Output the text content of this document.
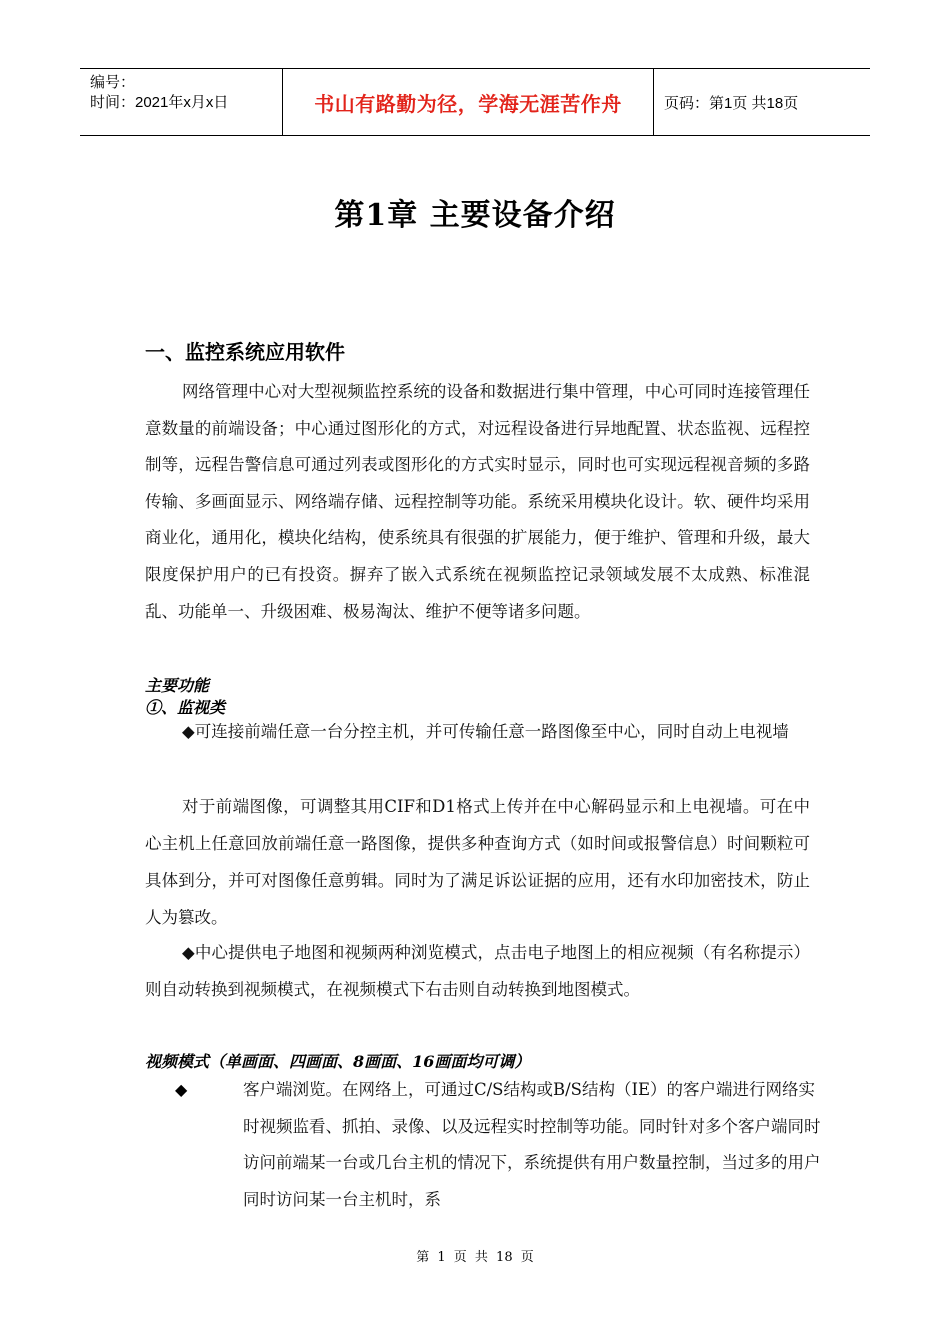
编号：
时间：2021年x月x日	书山有路勤为径，学海无涯苦作舟	页码：第1页 共18页
第1章 主要设备介绍
一、监控系统应用软件
网络管理中心对大型视频监控系统的设备和数据进行集中管理，中心可同时连接管理任意数量的前端设备；中心通过图形化的方式，对远程设备进行异地配置、状态监视、远程控制等，远程告警信息可通过列表或图形化的方式实时显示，同时也可实现远程视音频的多路传输、多画面显示、网络端存储、远程控制等功能。系统采用模块化设计。软、硬件均采用商业化，通用化，模块化结构，使系统具有很强的扩展能力，便于维护、管理和升级，最大限度保护用户的已有投资。摒弃了嵌入式系统在视频监控记录领域发展不太成熟、标准混乱、功能单一、升级困难、极易淘汰、维护不便等诸多问题。
主要功能
①、监视类
◆可连接前端任意一台分控主机，并可传输任意一路图像至中心，同时自动上电视墙
对于前端图像，可调整其用CIF和D1格式上传并在中心解码显示和上电视墙。可在中心主机上任意回放前端任意一路图像，提供多种查询方式（如时间或报警信息）时间颗粒可具体到分，并可对图像任意剪辑。同时为了满足诉讼证据的应用，还有水印加密技术，防止人为篡改。
◆中心提供电子地图和视频两种浏览模式，点击电子地图上的相应视频（有名称提示）则自动转换到视频模式，在视频模式下右击则自动转换到地图模式。
视频模式（单画面、四画面、8画面、16画面均可调）
◆	客户端浏览。在网络上，可通过C/S结构或B/S结构（IE）的客户端进行网络实时视频监看、抓拍、录像、以及远程实时控制等功能。同时针对多个客户端同时访问前端某一台或几台主机的情况下，系统提供有用户数量控制，当过多的用户同时访问某一台主机时，系
第 1 页 共 18 页
